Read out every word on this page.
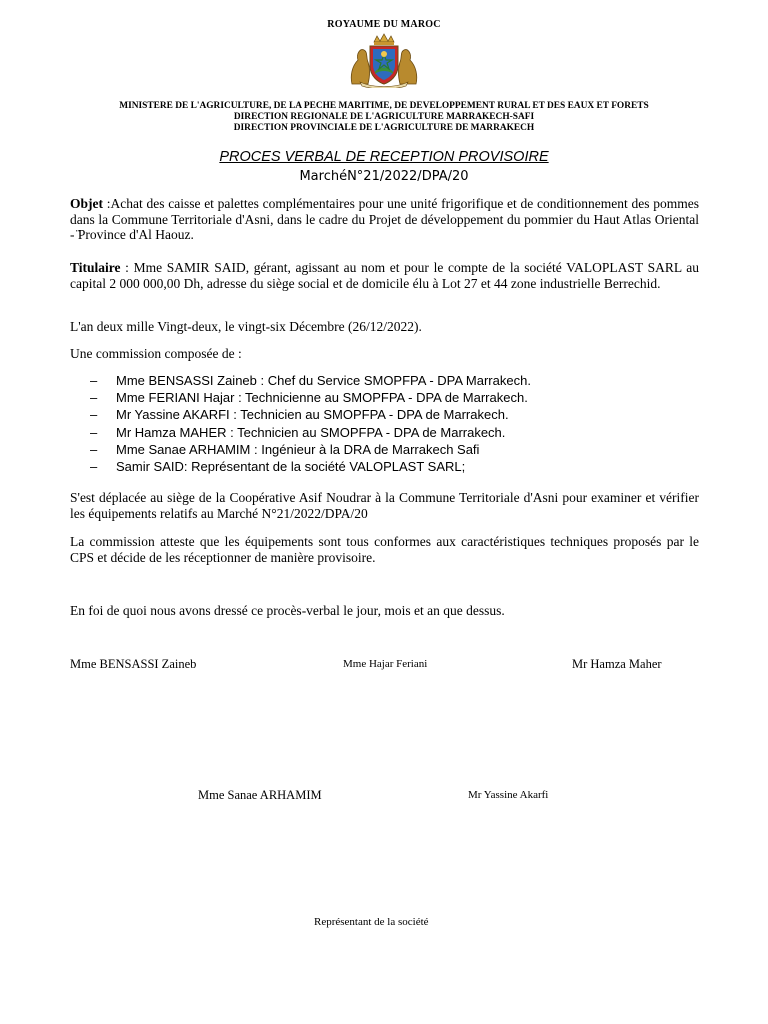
ROYAUME DU MAROC
MINISTERE DE L'AGRICULTURE, DE LA PECHE MARITIME, DE DEVELOPPEMENT RURAL ET DES EAUX ET FORETS
DIRECTION REGIONALE DE L'AGRICULTURE MARRAKECH-SAFI
DIRECTION PROVINCIALE DE L'AGRICULTURE DE MARRAKECH
PROCES VERBAL DE RECEPTION PROVISOIRE
MarchéN°21/2022/DPA/20
Objet :Achat des caisse et palettes complémentaires pour une unité frigorifique et de conditionnement des pommes dans la Commune Territoriale d'Asni, dans le cadre du Projet de développement du pommier du Haut Atlas Oriental - ̈Province d'Al Haouz.
Titulaire : Mme SAMIR SAID, gérant, agissant au nom et pour le compte de la société VALOPLAST SARL au capital 2 000 000,00 Dh, adresse du siège social et de domicile élu à Lot 27 et 44 zone industrielle Berrechid.
L'an deux mille Vingt-deux, le vingt-six Décembre (26/12/2022).
Une commission composée de :
– Mme BENSASSI Zaineb : Chef du Service SMOPFPA - DPA Marrakech.
– Mme FERIANI Hajar : Technicienne au SMOPFPA - DPA de Marrakech.
– Mr Yassine AKARFI : Technicien au SMOPFPA - DPA de Marrakech.
– Mr Hamza MAHER : Technicien au SMOPFPA - DPA de Marrakech.
– Mme Sanae ARHAMIM : Ingénieur à la DRA de Marrakech Safi
– Samir SAID: Représentant de la société VALOPLAST SARL;
S'est déplacée au siège de la Coopérative Asif Noudrar à la Commune Territoriale d'Asni pour examiner et vérifier les équipements relatifs au Marché N°21/2022/DPA/20
La commission atteste que les équipements sont tous conformes aux caractéristiques techniques proposés par le CPS et décide de les réceptionner de manière provisoire.
En foi de quoi nous avons dressé ce procès-verbal le jour, mois et an que dessus.
Mme BENSASSI Zaineb	Mme Hajar Feriani	Mr Hamza Maher
Mme Sanae ARHAMIM	Mr Yassine Akarfi
Représentant de la société
